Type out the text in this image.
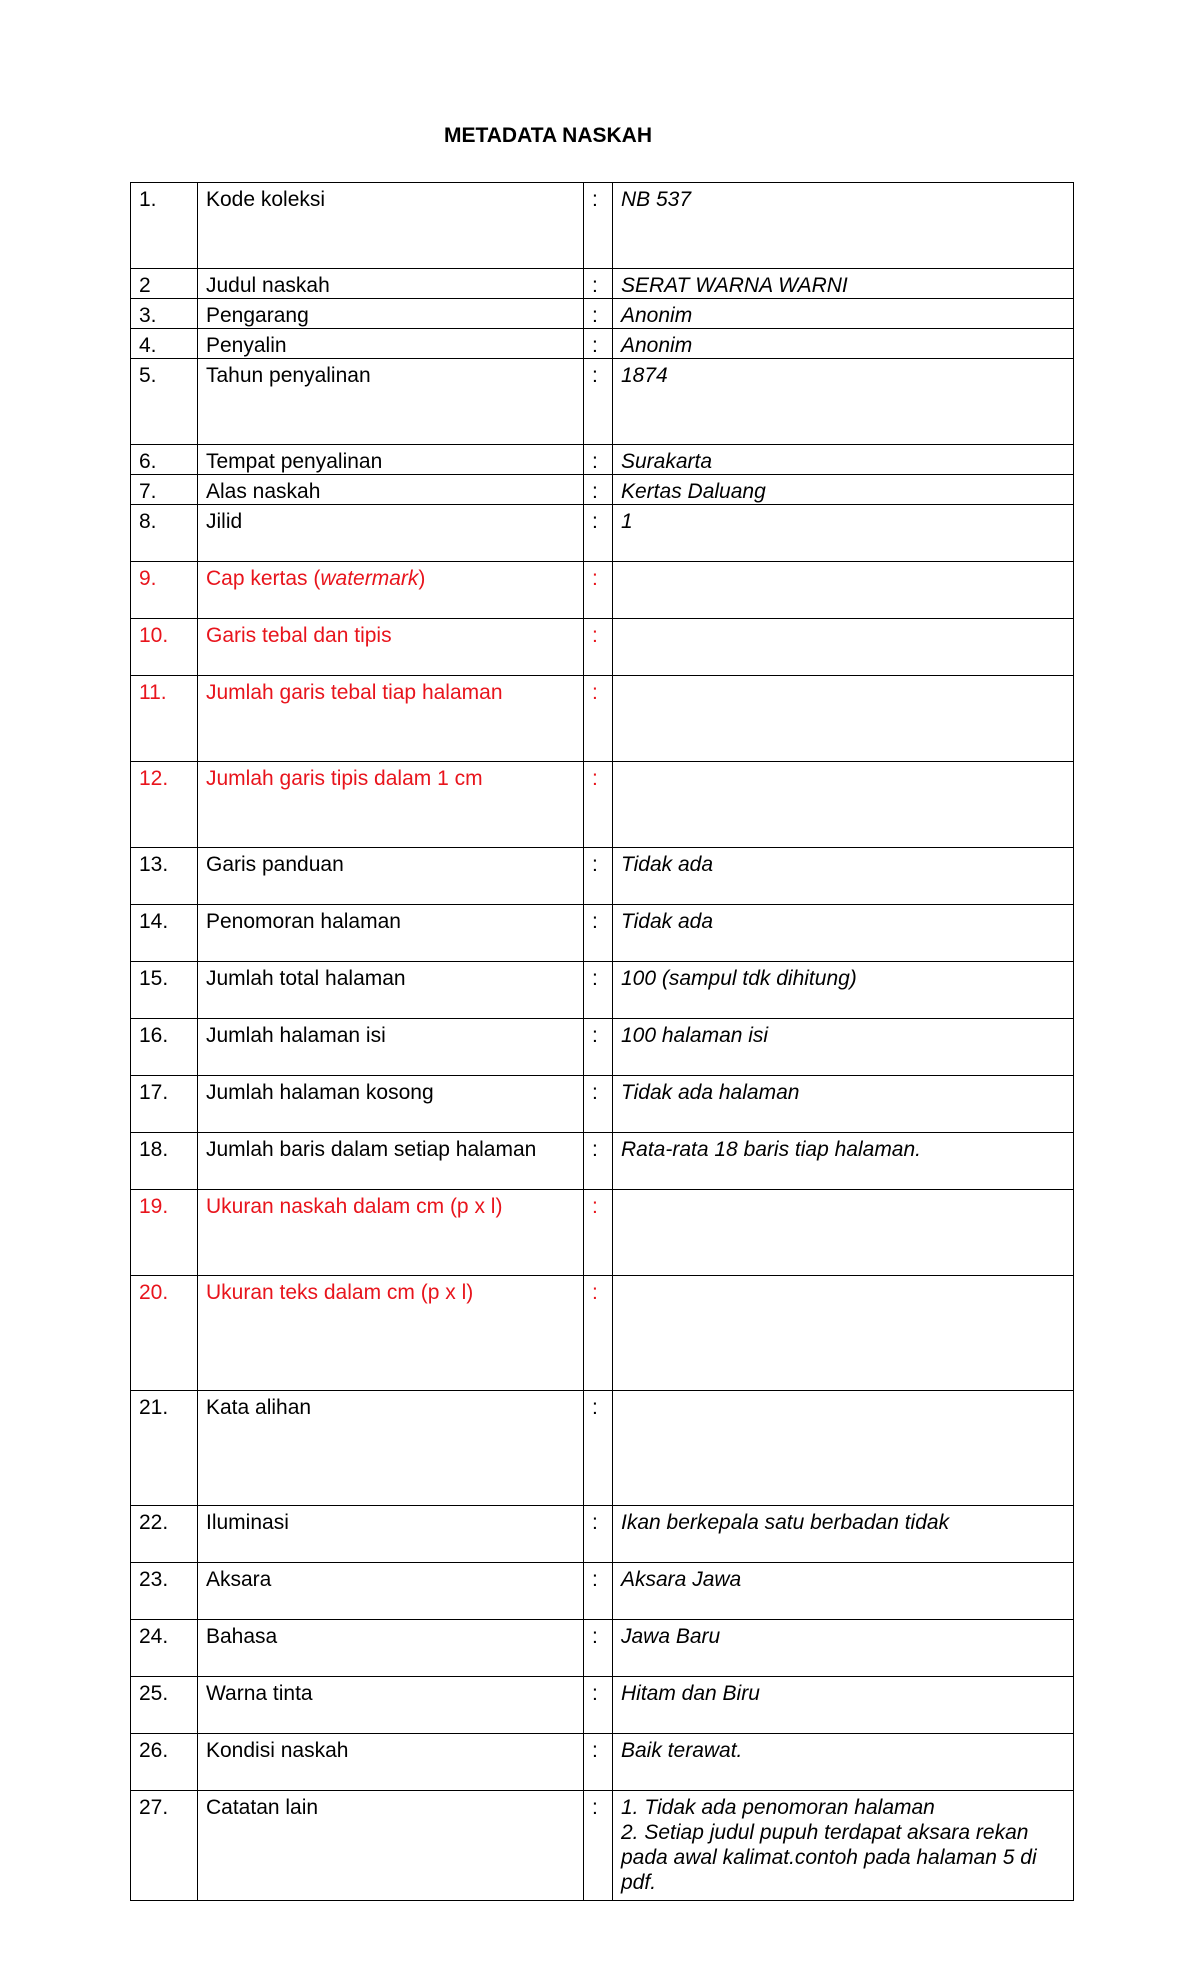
METADATA NASKAH
1.	Kode koleksi	:	NB 537
2	Judul naskah	:	SERAT WARNA WARNI
3.	Pengarang	:	Anonim
4.	Penyalin	:	Anonim
5.	Tahun penyalinan	:	1874
6.	Tempat penyalinan	:	Surakarta
7.	Alas naskah	:	Kertas Daluang
8.	Jilid	:	1
9.	Cap kertas (watermark)	:	
10.	Garis tebal dan tipis	:	
11.	Jumlah garis tebal tiap halaman	:	
12.	Jumlah garis tipis dalam 1 cm	:	
13.	Garis panduan	:	Tidak ada
14.	Penomoran halaman	:	Tidak ada
15.	Jumlah total halaman	:	100 (sampul tdk dihitung)
16.	Jumlah halaman isi	:	100 halaman isi
17.	Jumlah halaman kosong	:	Tidak ada halaman
18.	Jumlah baris dalam setiap halaman	:	Rata-rata 18 baris tiap halaman.
19.	Ukuran naskah dalam cm (p x l)	:	
20.	Ukuran teks dalam cm (p x l)	:	
21.	Kata alihan	:	
22.	Iluminasi	:	Ikan berkepala satu berbadan tidak
23.	Aksara	:	Aksara Jawa
24.	Bahasa	:	Jawa Baru
25.	Warna tinta	:	Hitam dan Biru
26.	Kondisi naskah	:	Baik terawat.
27.	Catatan lain	:	1. Tidak ada penomoran halaman
2. Setiap judul pupuh terdapat aksara rekan pada awal kalimat.contoh pada halaman 5 di pdf.
